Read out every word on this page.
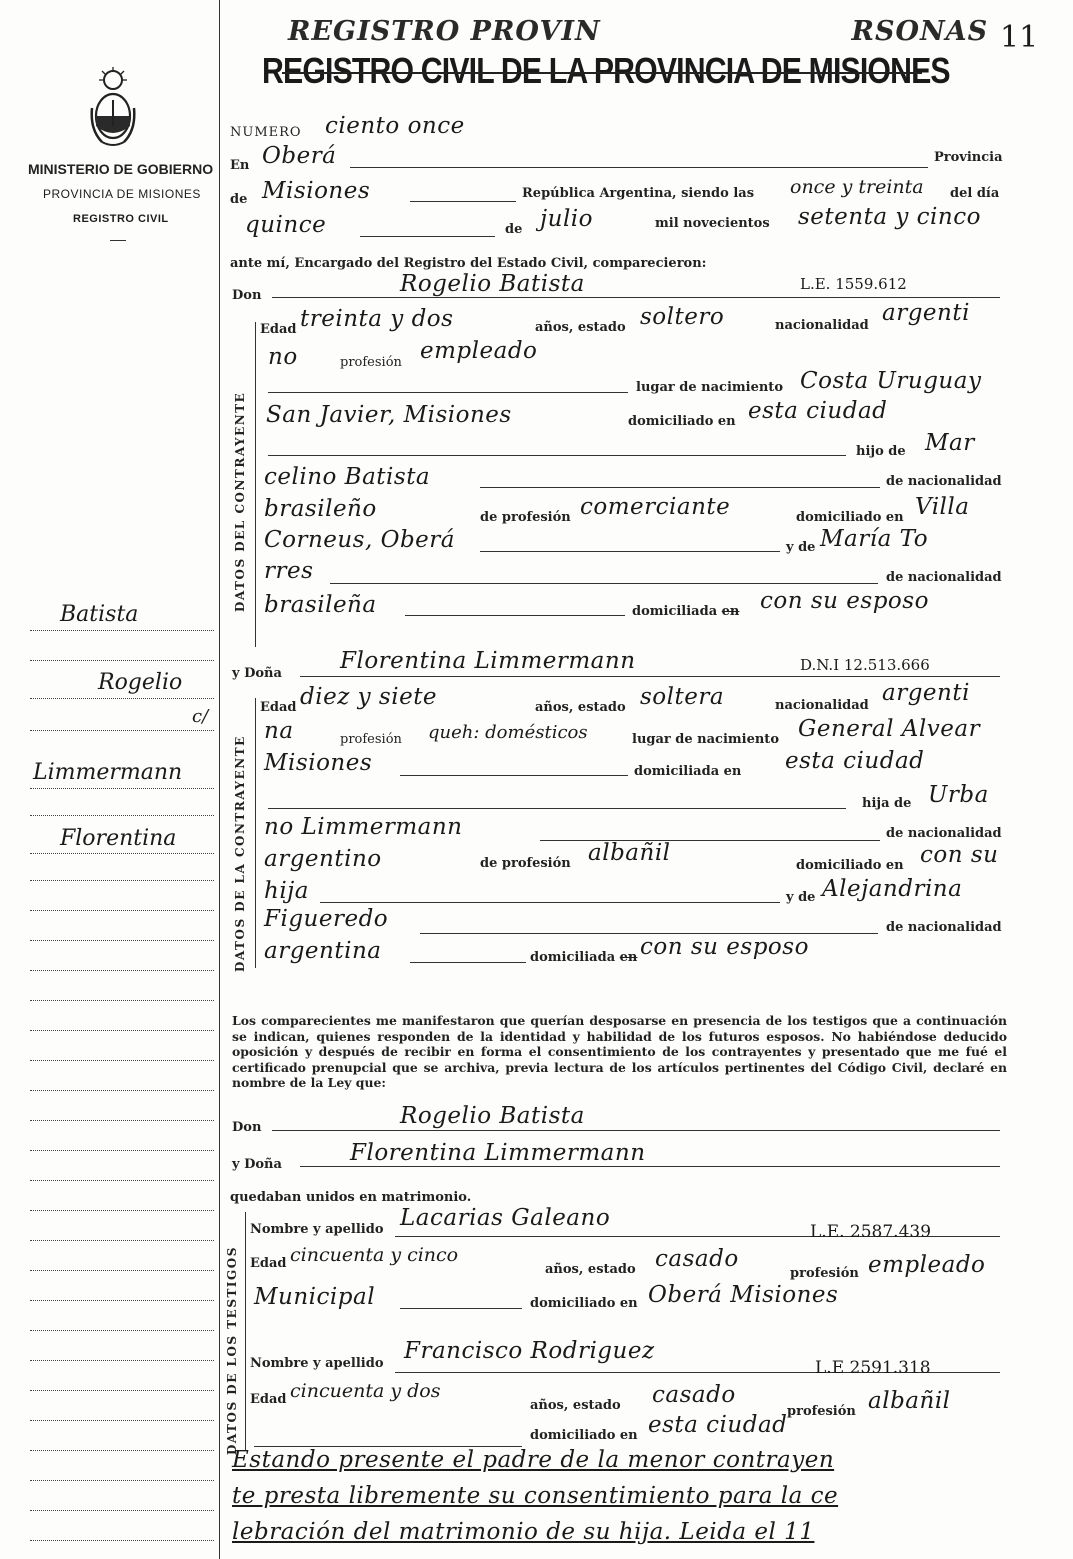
11
REGISTRO PROVIN	RSONAS
REGISTRO CIVIL DE LA PROVINCIA DE MISIONES
MINISTERIO DE GOBIERNO
PROVINCIA DE MISIONES
REGISTRO CIVIL
Batista
Rogelio
c/
Limmermann
Florentina
NUMERO ciento once
En Oberá	Provincia
de Misiones	República Argentina, siendo las once y treinta del día
quince	de julio	mil novecientos setenta y cinco
ante mí, Encargado del Registro del Estado Civil, comparecieron:
Don	Rogelio Batista	L.E. 1559.612
DATOS DEL CONTRAYENTE
Edad treinta y dos	años, estado soltero	nacionalidad argenti
no	profesión empleado
lugar de nacimiento Costa Uruguay
San Javier, Misiones	domiciliado en esta ciudad
hijo de Mar
celino Batista	de nacionalidad
brasileño	de profesión comerciante	domiciliado en Villa
Corneus, Oberá	y de María To
rres	de nacionalidad
brasileña	domiciliada en con su esposo
y Doña	Florentina Limmermann	D.N.I 12.513.666
DATOS DE LA CONTRAYENTE
Edad diez y siete	años, estado soltera	nacionalidad argenti
na	profesión queh: domésticos	lugar de nacimiento General Alvear
Misiones	domiciliada en esta ciudad
hija de Urba
no Limmermann	de nacionalidad
argentino	de profesión albañil	domiciliado en con su
hija	y de Alejandrina
Figueredo	de nacionalidad
argentina	domiciliada en con su esposo
Los comparecientes me manifestaron que querían desposarse en presencia de los testigos que a continuación se indican, quienes responden de la identidad y habilidad de los futuros esposos. No habiéndose deducido oposición y después de recibir en forma el consentimiento de los contrayentes y presentado que me fué el certificado prenupcial que se archiva, previa lectura de los artículos pertinentes del Código Civil, declaré en nombre de la Ley que:
Don	Rogelio Batista
y Doña	Florentina Limmermann
quedaban unidos en matrimonio.
DATOS DE LOS TESTIGOS
Nombre y apellido Lacarias Galeano
L.E. 2587.439
Edad cincuenta y cinco
años, estado casado
profesión empleado
Municipal	domiciliado en Oberá Misiones
Nombre y apellido Francisco Rodriguez
L.E 2591.318
Edad cincuenta y dos
años, estado casado
profesión albañil
domiciliado en esta ciudad
Estando presente el padre de la menor contrayen
te presta libremente su consentimiento para la ce
lebración del matrimonio de su hija. Leida el 11
